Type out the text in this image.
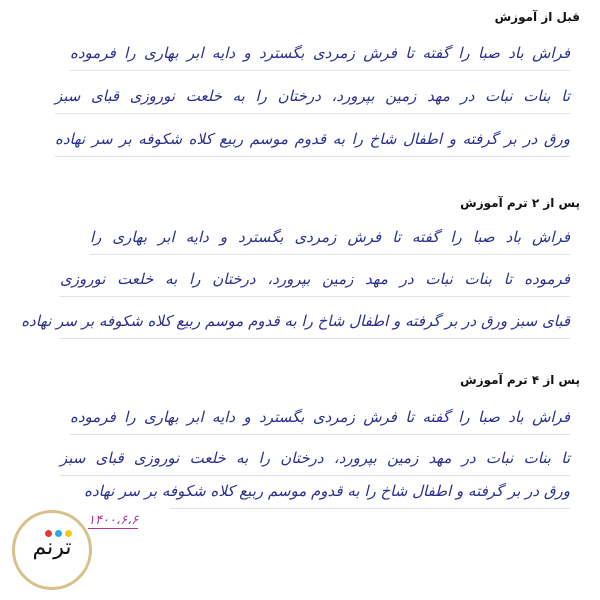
قبل از آموزش
فراش باد صبا را گفته تا فرش زمردی بگسترد و دایه ابر بهاری را فرموده
تا بنات نبات در مهد زمین بپرورد، درختان را به خلعت نوروزی قبای سبز
ورق در بر گرفته و اطفال شاخ را به قدوم موسم ربیع کلاه شکوفه بر سر نهاده
پس از ۲ ترم آموزش
فراش باد صبا را گفته تا فرش زمردی بگسترد و دایه ابر بهاری را
فرموده تا بنات نبات در مهد زمین بپرورد، درختان را به خلعت نوروزی
قبای سبز ورق در بر گرفته و اطفال شاخ را به قدوم موسم ربیع کلاه شکوفه بر سر نهاده
پس از ۴ ترم آموزش
فراش باد صبا را گفته تا فرش زمردی بگسترد و دایه ابر بهاری را فرموده
تا بنات نبات در مهد زمین بپرورد، درختان را به خلعت نوروزی قبای سبز
ورق در بر گرفته و اطفال شاخ را به قدوم موسم ربیع کلاه شکوفه بر سر نهاده
۱۴۰۰،۶،۶
ترنم
